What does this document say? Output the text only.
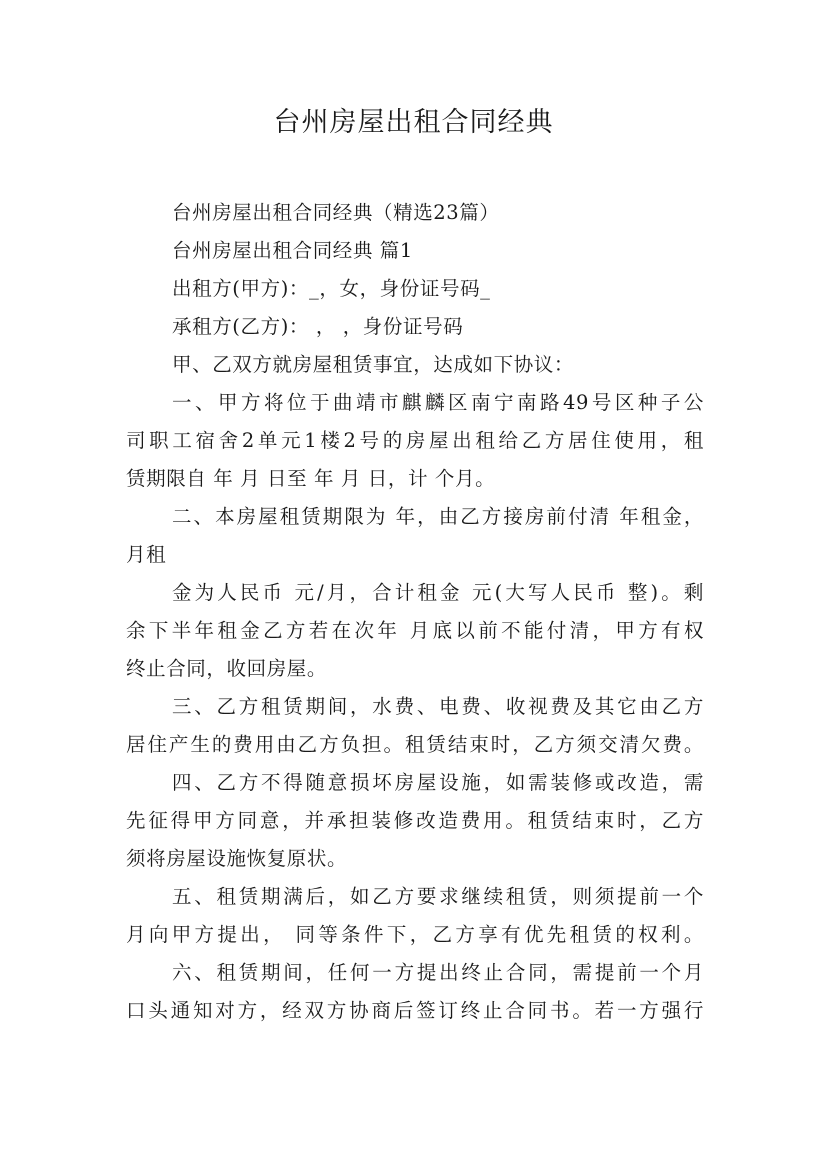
台州房屋出租合同经典
台州房屋出租合同经典（精选23篇）
台州房屋出租合同经典 篇1
出租方(甲方)：_，女，身份证号码_
承租方(乙方)： ， ，身份证号码
甲、乙双方就房屋租赁事宜，达成如下协议：
一、甲方将位于曲靖市麒麟区南宁南路49号区种子公
司职工宿舍2单元1楼2号的房屋出租给乙方居住使用，租
赁期限自 年 月 日至 年 月 日，计 个月。
二、本房屋租赁期限为 年，由乙方接房前付清 年租金，
月租
金为人民币 元/月，合计租金 元(大写人民币 整)。剩
余下半年租金乙方若在次年 月底以前不能付清，甲方有权
终止合同，收回房屋。
三、乙方租赁期间，水费、电费、收视费及其它由乙方
居住产生的费用由乙方负担。租赁结束时，乙方须交清欠费。
四、乙方不得随意损坏房屋设施，如需装修或改造，需
先征得甲方同意，并承担装修改造费用。租赁结束时，乙方
须将房屋设施恢复原状。
五、租赁期满后，如乙方要求继续租赁，则须提前一个
月向甲方提出， 同等条件下，乙方享有优先租赁的权利。
六、租赁期间，任何一方提出终止合同，需提前一个月
口头通知对方，经双方协商后签订终止合同书。若一方强行
